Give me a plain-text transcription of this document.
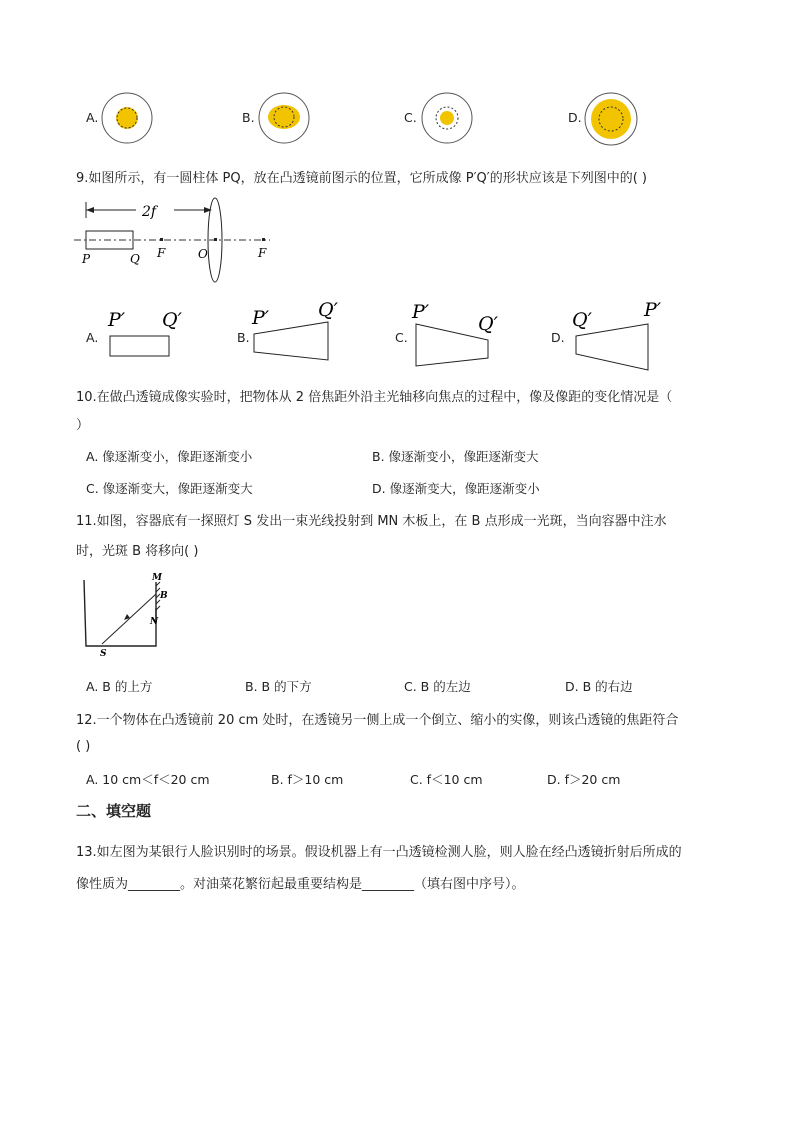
A.	B.	C.	D.
9.如图所示，有一圆柱体 PQ，放在凸透镜前图示的位置，它所成像 P′Q′的形状应该是下列图中的( )
2f
P	Q F	O	F
A.
P′ Q′
B.
P′	Q′
C.
P′
Q′
D.
Q′	P′
10.在做凸透镜成像实验时，把物体从 2 倍焦距外沿主光轴移向焦点的过程中，像及像距的变化情况是（
）
A. 像逐渐变小，像距逐渐变小	B. 像逐渐变小，像距逐渐变大
C. 像逐渐变大，像距逐渐变大	D. 像逐渐变大，像距逐渐变小
11.如图，容器底有一探照灯 S 发出一束光线投射到 MN 木板上，在 B 点形成一光斑，当向容器中注水
时，光斑 B 将移向( )
M
B
N
S
A. B 的上方	B. B 的下方	C. B 的左边	D. B 的右边
12.一个物体在凸透镜前 20 cm 处时，在透镜另一侧上成一个倒立、缩小的实像，则该凸透镜的焦距符合
( )
A. 10 cm＜f＜20 cm	B. f＞10 cm	C. f＜10 cm	D. f＞20 cm
二、填空题
13.如左图为某银行人脸识别时的场景。假设机器上有一凸透镜检测人脸，则人脸在经凸透镜折射后所成的
像性质为________。对油菜花繁衍起最重要结构是________（填右图中序号）。
